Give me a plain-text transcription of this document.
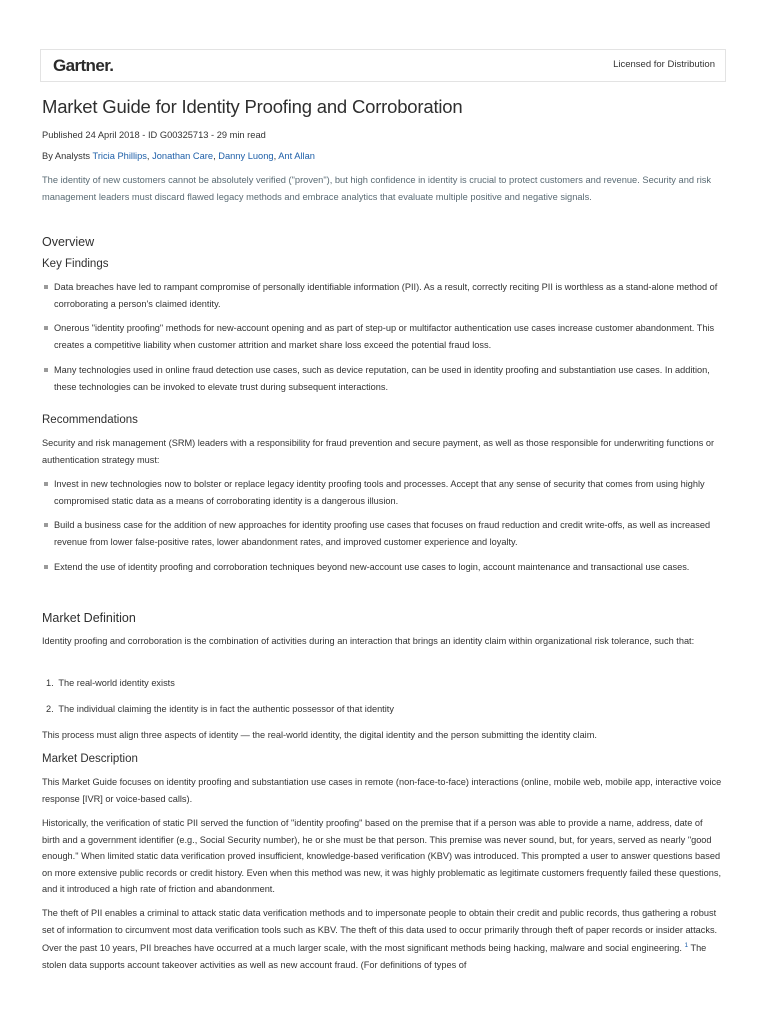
Gartner.	Licensed for Distribution
Market Guide for Identity Proofing and Corroboration
Published 24 April 2018 - ID G00325713 - 29 min read
By Analysts Tricia Phillips, Jonathan Care, Danny Luong, Ant Allan

The identity of new customers cannot be absolutely verified ("proven"), but high confidence in identity is crucial to protect customers and revenue. Security and risk management leaders must discard flawed legacy methods and embrace analytics that evaluate multiple positive and negative signals.

Overview
Key Findings
Data breaches have led to rampant compromise of personally identifiable information (PII). As a result, correctly reciting PII is worthless as a stand-alone method of corroborating a person's claimed identity.
Onerous "identity proofing" methods for new-account opening and as part of step-up or multifactor authentication use cases increase customer abandonment. This creates a competitive liability when customer attrition and market share loss exceed the potential fraud loss.
Many technologies used in online fraud detection use cases, such as device reputation, can be used in identity proofing and substantiation use cases. In addition, these technologies can be invoked to elevate trust during subsequent interactions.
Recommendations

Security and risk management (SRM) leaders with a responsibility for fraud prevention and secure payment, as well as those responsible for underwriting functions or authentication strategy must:

Invest in new technologies now to bolster or replace legacy identity proofing tools and processes. Accept that any sense of security that comes from using highly compromised static data as a means of corroborating identity is a dangerous illusion.
Build a business case for the addition of new approaches for identity proofing use cases that focuses on fraud reduction and credit write-offs, as well as increased revenue from lower false-positive rates, lower abandonment rates, and improved customer experience and loyalty.
Extend the use of identity proofing and corroboration techniques beyond new-account use cases to login, account maintenance and transactional use cases.
Market Definition

Identity proofing and corroboration is the combination of activities during an interaction that brings an identity claim within organizational risk tolerance, such that:

1. The real-world identity exists
2. The individual claiming the identity is in fact the authentic possessor of that identity

This process must align three aspects of identity — the real-world identity, the digital identity and the person submitting the identity claim.

Market Description

This Market Guide focuses on identity proofing and substantiation use cases in remote (non-face-to-face) interactions (online, mobile web, mobile app, interactive voice response [IVR] or voice-based calls).

Historically, the verification of static PII served the function of "identity proofing" based on the premise that if a person was able to provide a name, address, date of birth and a government identifier (e.g., Social Security number), he or she must be that person. This premise was never sound, but, for years, served as nearly "good enough." When limited static data verification proved insufficient, knowledge-based verification (KBV) was introduced. This prompted a user to answer questions based on more extensive public records or credit history. Even when this method was new, it was highly problematic as legitimate customers frequently failed these questions, and it introduced a high rate of friction and abandonment.

The theft of PII enables a criminal to attack static data verification methods and to impersonate people to obtain their credit and public records, thus gathering a robust set of information to circumvent most data verification tools such as KBV. The theft of this data used to occur primarily through theft of paper records or insider attacks. Over the past 10 years, PII breaches have occurred at a much larger scale, with the most significant methods being hacking, malware and social engineering. $^1$ The stolen data supports account takeover activities as well as new account fraud. (For definitions of types of
